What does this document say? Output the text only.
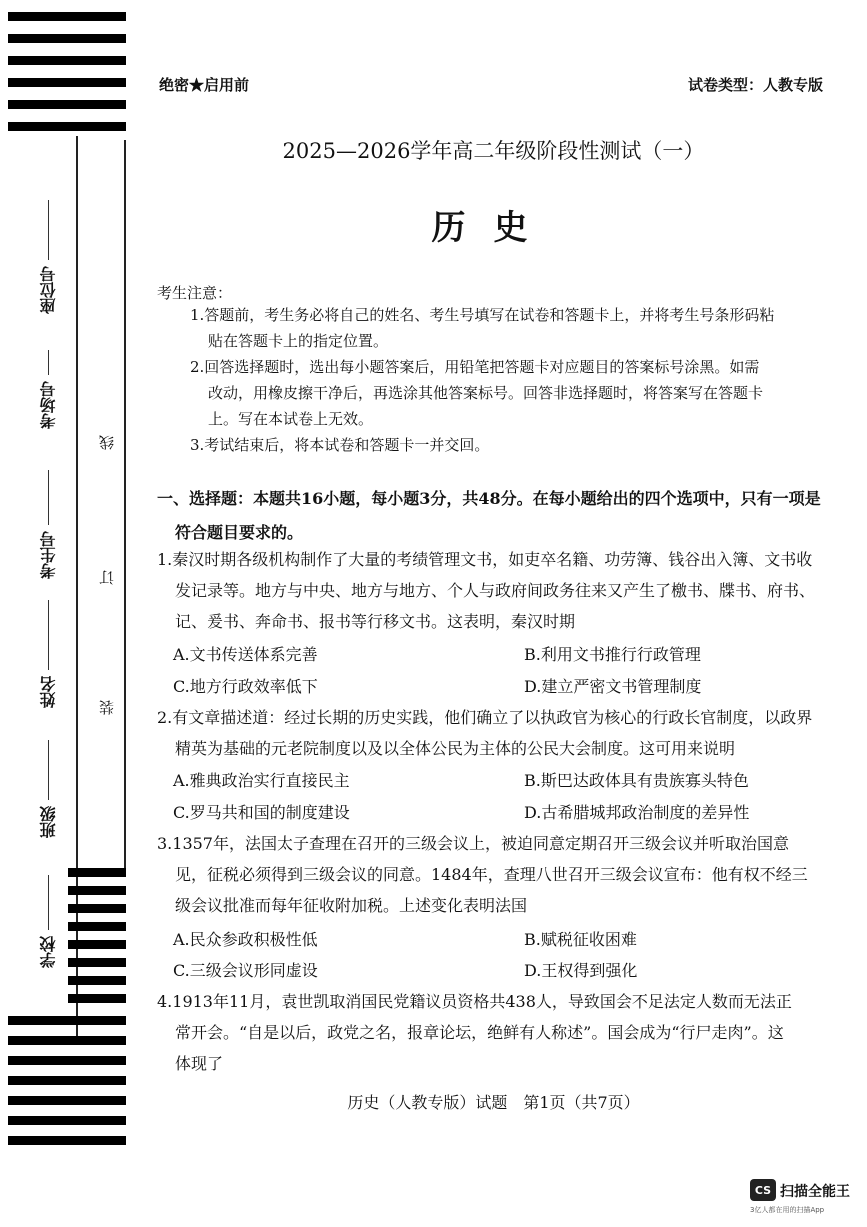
座位号
考场号
考生号
姓名
班级
学校
线
订
装
绝密★启用前	试卷类型：人教专版
2025—2026学年高二年级阶段性测试（一）
历史
考生注意：
1.答题前，考生务必将自己的姓名、考生号填写在试卷和答题卡上，并将考生号条形码粘
贴在答题卡上的指定位置。
2.回答选择题时，选出每小题答案后，用铅笔把答题卡对应题目的答案标号涂黑。如需
改动，用橡皮擦干净后，再选涂其他答案标号。回答非选择题时，将答案写在答题卡
上。写在本试卷上无效。
3.考试结束后，将本试卷和答题卡一并交回。
一、选择题：本题共16小题，每小题3分，共48分。在每小题给出的四个选项中，只有一项是
符合题目要求的。
1.秦汉时期各级机构制作了大量的考绩管理文书，如吏卒名籍、功劳簿、钱谷出入簿、文书收
发记录等。地方与中央、地方与地方、个人与政府间政务往来又产生了檄书、牒书、府书、
记、爰书、奔命书、报书等行移文书。这表明，秦汉时期
A.文书传送体系完善	B.利用文书推行行政管理
C.地方行政效率低下	D.建立严密文书管理制度
2.有文章描述道：经过长期的历史实践，他们确立了以执政官为核心的行政长官制度，以政界
精英为基础的元老院制度以及以全体公民为主体的公民大会制度。这可用来说明
A.雅典政治实行直接民主	B.斯巴达政体具有贵族寡头特色
C.罗马共和国的制度建设	D.古希腊城邦政治制度的差异性
3.1357年，法国太子查理在召开的三级会议上，被迫同意定期召开三级会议并听取治国意
见，征税必须得到三级会议的同意。1484年，查理八世召开三级会议宣布：他有权不经三
级会议批准而每年征收附加税。上述变化表明法国
A.民众参政积极性低	B.赋税征收困难
C.三级会议形同虚设	D.王权得到强化
4.1913年11月，袁世凯取消国民党籍议员资格共438人，导致国会不足法定人数而无法正
常开会。“自是以后，政党之名，报章论坛，绝鲜有人称述”。国会成为“行尸走肉”。这
体现了
历史（人教专版）试题　第1页（共7页）
CS 扫描全能王
3亿人都在用的扫描App
